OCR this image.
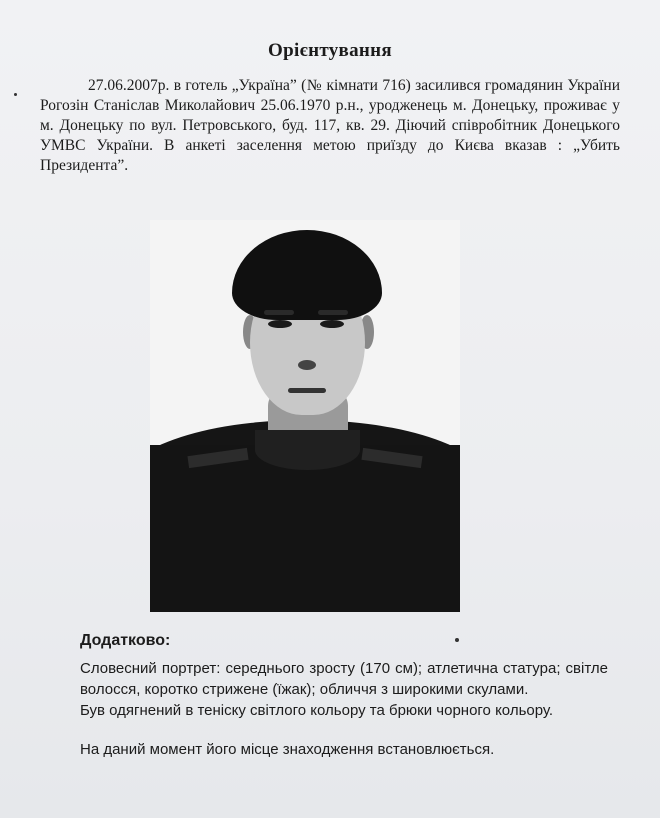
Орієнтування
27.06.2007р. в готель „Україна” (№ кімнати 716) засилився громадянин України Рогозін Станіслав Миколайович 25.06.1970 р.н., уродженець м. Донецьку, проживає у м. Донецьку по вул. Петровського, буд. 117, кв. 29. Діючий співробітник Донецького УМВС України. В анкеті заселення метою приїзду до Києва вказав : „Убить Президента”.
Додатково:

Словесний портрет: середнього зросту (170 см); атлетична статура; світле волосся, коротко стрижене (їжак); обличчя з широкими скулами.

Був одягнений в теніску світлого кольору та брюки чорного кольору.

На даний момент його місце знаходження встановлюється.
